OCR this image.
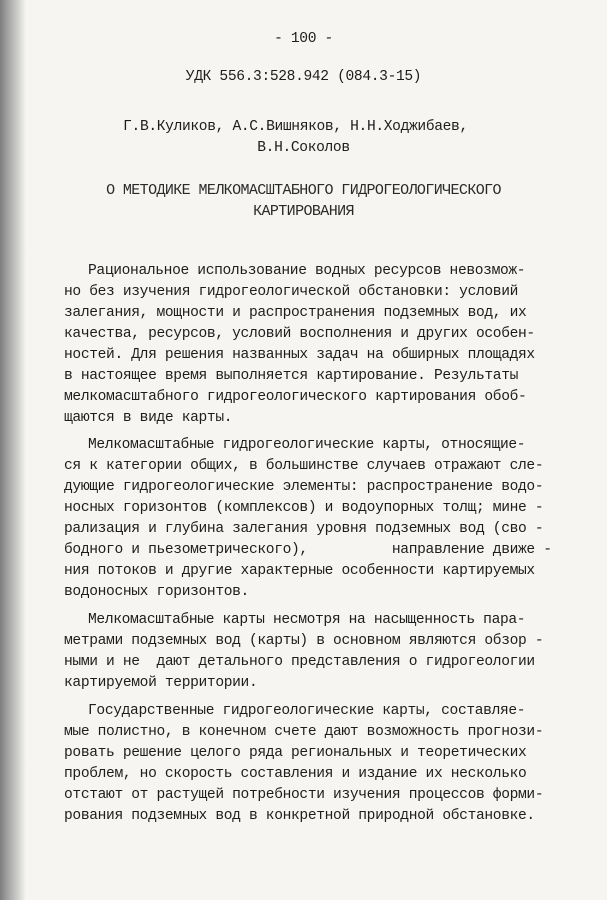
- 100 -
УДК 556.3:528.942 (084.3-15)
Г.В.Куликов, А.С.Вишняков, Н.Н.Ходжибаев,
В.Н.Соколов
О МЕТОДИКЕ МЕЛКОМАСШТАБНОГО ГИДРОГЕОЛОГИЧЕСКОГО
КАРТИРОВАНИЯ
Рациональное использование водных ресурсов невозмож-
но без изучения гидрогеологической обстановки: условий
залегания, мощности и распространения подземных вод, их
качества, ресурсов, условий восполнения и других особен-
ностей. Для решения названных задач на обширных площадях
в настоящее время выполняется картирование. Результаты
мелкомасштабного гидрогеологического картирования обоб-
щаются в виде карты.
Мелкомасштабные гидрогеологические карты, относящие-
ся к категории общих, в большинстве случаев отражают сле-
дующие гидрогеологические элементы: распространение водо-
носных горизонтов (комплексов) и водоупорных толщ; мине -
рализация и глубина залегания уровня подземных вод (сво -
бодного и пьезометрического),          направление движе -
ния потоков и другие характерные особенности картируемых
водоносных горизонтов.
Мелкомасштабные карты несмотря на насыщенность пара-
метрами подземных вод (карты) в основном являются обзор -
ными и не  дают детального представления о гидрогеологии
картируемой территории.
Государственные гидрогеологические карты, составляе-
мые полистно, в конечном счете дают возможность прогнози-
ровать решение целого ряда региональных и теоретических
проблем, но скорость составления и издание их несколько
отстают от растущей потребности изучения процессов форми-
рования подземных вод в конкретной природной обстановке.
